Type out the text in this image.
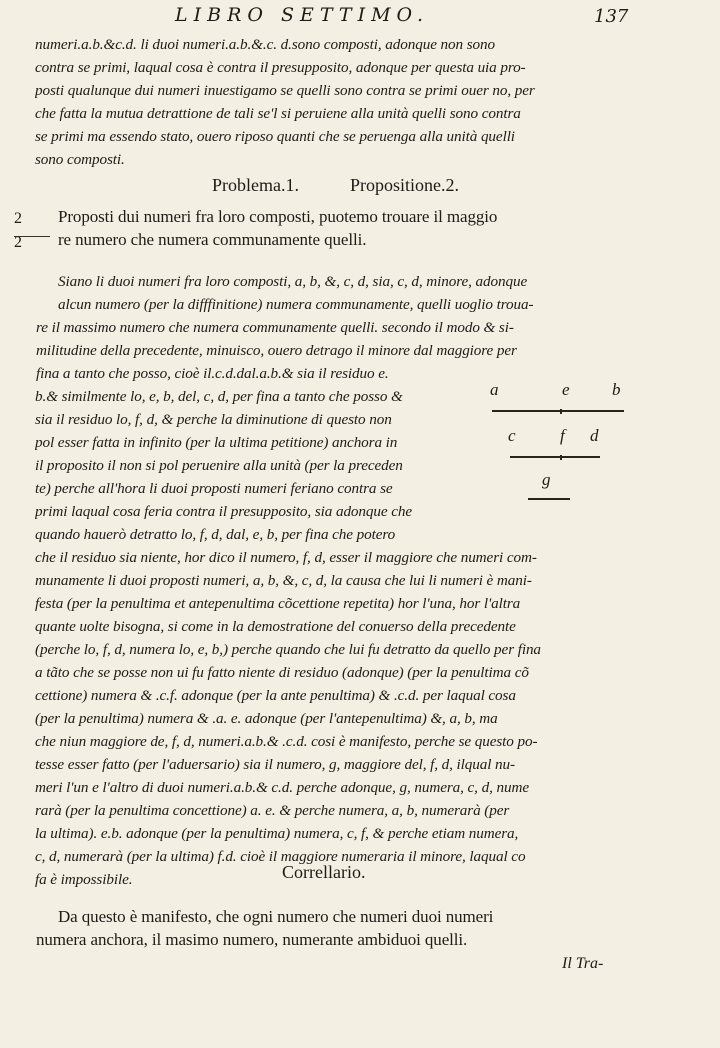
LIBRO SETTIMO.	137
numeri.a.b.&c.d. li duoi numeri.a.b.&.c. d.sono composti, adonque non sono
contra se primi, laqual cosa è contra il presupposito, adonque per questa uia pro-
posti qualunque dui numeri inuestigamo se quelli sono contra se primi ouer no, per
che fatta la mutua detrattione de tali se'l si peruiene alla unità quelli sono contra
se primi ma essendo stato, ouero riposo quanti che se peruenga alla unità quelli
sono composti.
Problema.1.	Propositione.2.
2
2
Proposti dui numeri fra loro composti, puotemo trouare il maggio
re numero che numera communamente quelli.
Siano li duoi numeri fra loro composti, a, b, &, c, d, sia, c, d, minore, adonque
alcun numero (per la difffinitione) numera communamente, quelli uoglio troua-
re il massimo numero che numera communamente quelli. secondo il modo & si-
militudine della precedente, minuisco, ouero detrago il minore dal maggiore per
fina a tanto che posso, cioè il.c.d.dal.a.b.& sia il residuo e.
b.& similmente lo, e, b, del, c, d, per fina a tanto che posso &
sia il residuo lo, f, d, & perche la diminutione di questo non
pol esser fatta in infinito (per la ultima petitione) anchora in
il proposito il non si pol peruenire alla unità (per la preceden
te) perche all'hora li duoi proposti numeri feriano contra se
primi laqual cosa feria contra il presupposito, sia adonque che
quando hauerò detratto lo, f, d, dal, e, b, per fina che potero
a	e b
c	f d
g
che il residuo sia niente, hor dico il numero, f, d, esser il maggiore che numeri com-
munamente li duoi proposti numeri, a, b, &, c, d, la causa che lui li numeri è mani-
festa (per la penultima et antepenultima cõcettione repetita) hor l'una, hor l'altra
quante uolte bisogna, si come in la demostratione del conuerso della precedente
(perche lo, f, d, numera lo, e, b,) perche quando che lui fu detratto da quello per fina
a tãto che se posse non ui fu fatto niente di residuo (adonque) (per la penultima cõ
cettione) numera & .c.f. adonque (per la ante penultima) & .c.d. per laqual cosa
(per la penultima) numera & .a. e. adonque (per l'antepenultima) &, a, b, ma
che niun maggiore de, f, d, numeri.a.b.& .c.d. cosi è manifesto, perche se questo po-
tesse esser fatto (per l'aduersario) sia il numero, g, maggiore del, f, d, ilqual nu-
meri l'un e l'altro di duoi numeri.a.b.& c.d. perche adonque, g, numera, c, d, nume
rarà (per la penultima concettione) a. e. & perche numera, a, b, numerarà (per
la ultima). e.b. adonque (per la penultima) numera, c, f, & perche etiam numera,
c, d, numerarà (per la ultima) f.d. cioè il maggiore numeraria il minore, laqual co
fa è impossibile.	Correllario.
Da questo è manifesto, che ogni numero che numeri duoi numeri
numera anchora, il masimo numero, numerante ambiduoi quelli.
Il Tra-
